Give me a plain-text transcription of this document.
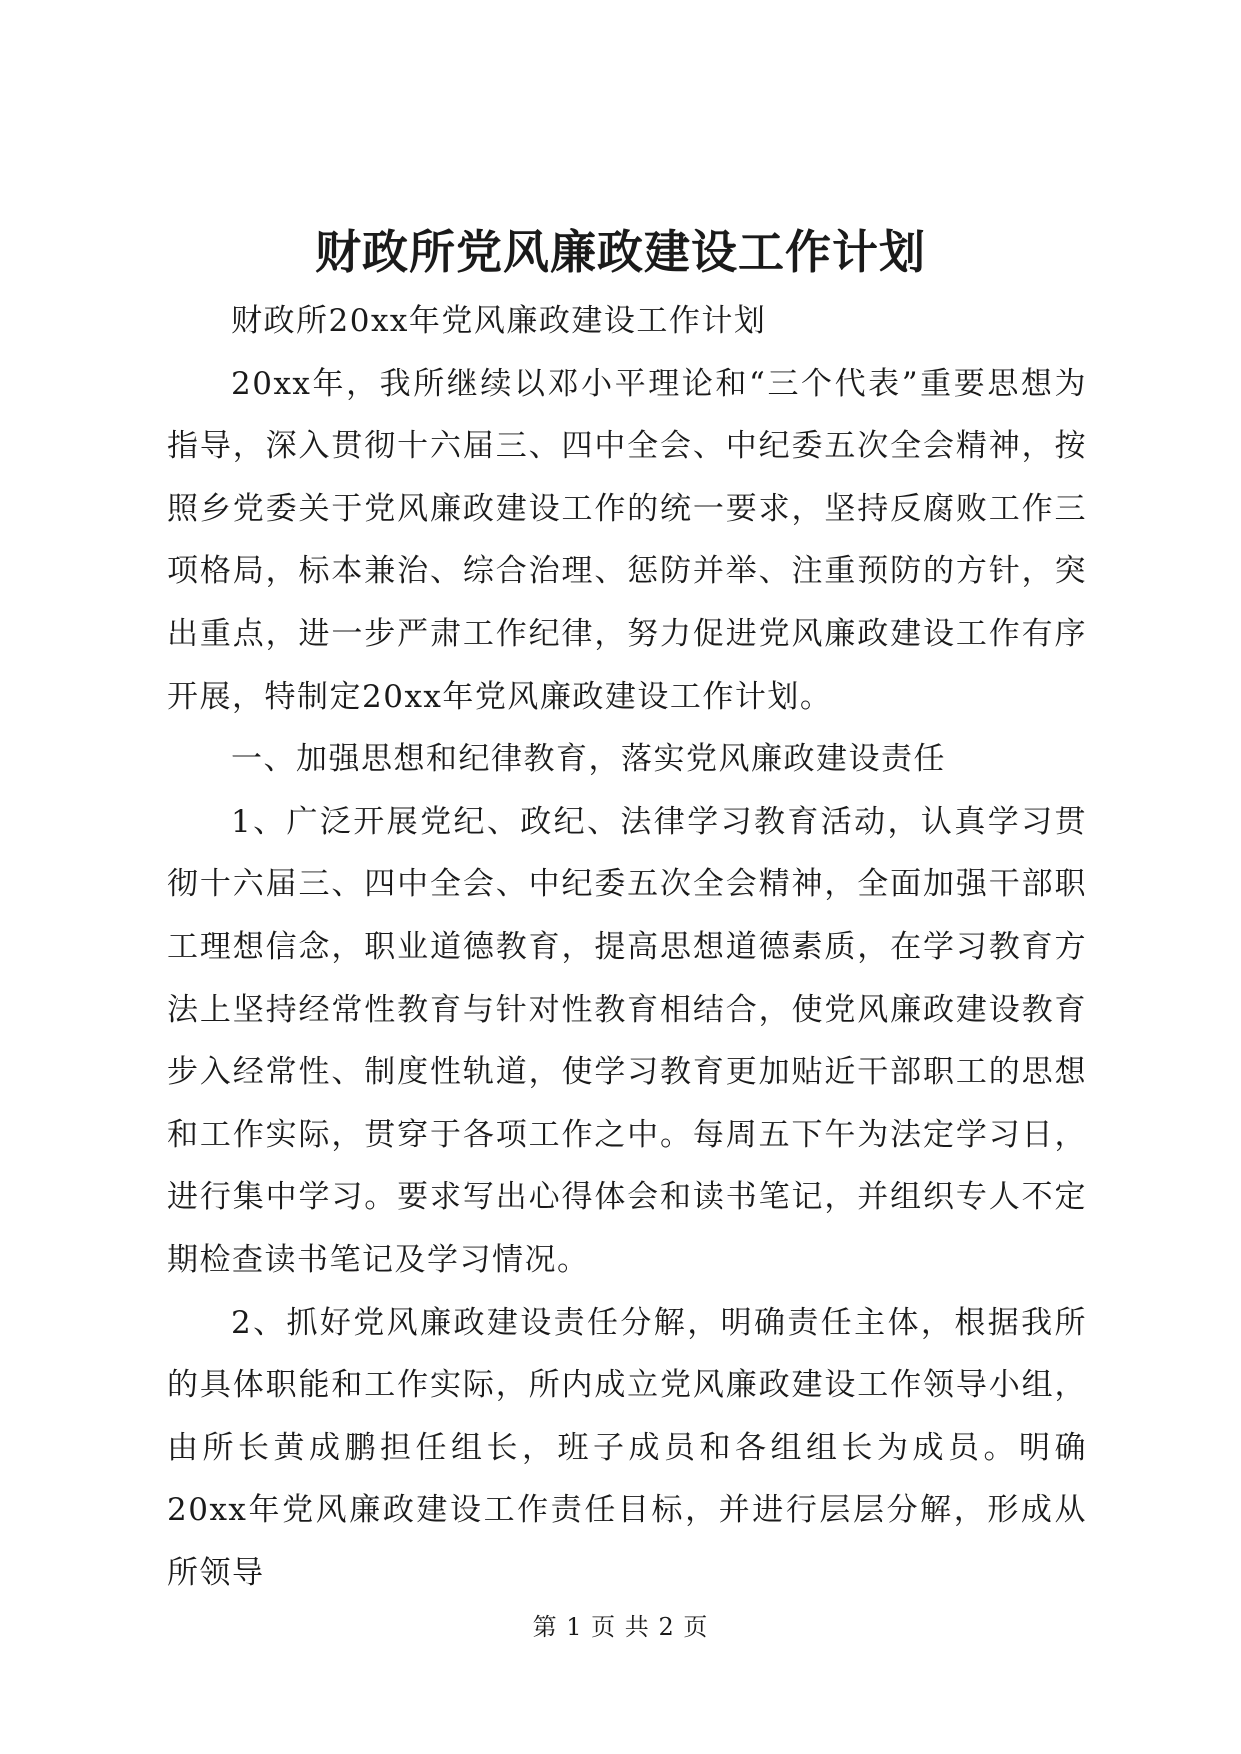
财政所党风廉政建设工作计划

财政所20xx年党风廉政建设工作计划

20xx年，我所继续以邓小平理论和“三个代表”重要思想为指导，深入贯彻十六届三、四中全会、中纪委五次全会精神，按照乡党委关于党风廉政建设工作的统一要求，坚持反腐败工作三项格局，标本兼治、综合治理、惩防并举、注重预防的方针，突出重点，进一步严肃工作纪律，努力促进党风廉政建设工作有序开展，特制定20xx年党风廉政建设工作计划。

一、加强思想和纪律教育，落实党风廉政建设责任

1、广泛开展党纪、政纪、法律学习教育活动，认真学习贯彻十六届三、四中全会、中纪委五次全会精神，全面加强干部职工理想信念，职业道德教育，提高思想道德素质，在学习教育方法上坚持经常性教育与针对性教育相结合，使党风廉政建设教育步入经常性、制度性轨道，使学习教育更加贴近干部职工的思想和工作实际，贯穿于各项工作之中。每周五下午为法定学习日，进行集中学习。要求写出心得体会和读书笔记，并组织专人不定期检查读书笔记及学习情况。

2、抓好党风廉政建设责任分解，明确责任主体，根据我所的具体职能和工作实际，所内成立党风廉政建设工作领导小组，由所长黄成鹏担任组长，班子成员和各组组长为成员。明确20xx年党风廉政建设工作责任目标，并进行层层分解，形成从所领导

第 1 页 共 2 页
